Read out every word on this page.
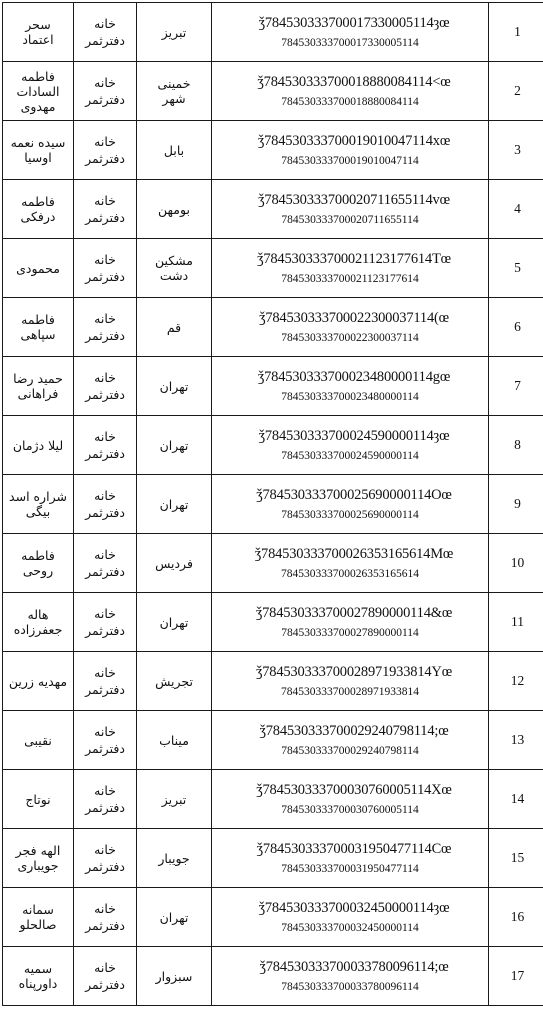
سحر
اعتماد	خانه
دفترثمر	تبریز	ǯ784530333700017330005114ȝœ
784530333700017330005114	1
فاطمه
السادات
مهدوی	خانه
دفترثمر	خمینی
شهر	ǯ784530333700018880084114<œ
784530333700018880084114	2
سیده نعمه
اوسیا	خانه
دفترثمر	بابل	ǯ784530333700019010047114xœ
784530333700019010047114	3
فاطمه
درفکی	خانه
دفترثمر	بومهن	ǯ784530333700020711655114vœ
784530333700020711655114	4
محمودی	خانه
دفترثمر	مشکین
دشت	ǯ784530333700021123177614Tœ
784530333700021123177614	5
فاطمه
سپاهی	خانه
دفترثمر	قم	ǯ784530333700022300037114(œ
784530333700022300037114	6
حمید رضا
فراهانی	خانه
دفترثمر	تهران	ǯ784530333700023480000114gœ
784530333700023480000114	7
لیلا دژمان	خانه
دفترثمر	تهران	ǯ784530333700024590000114ȝœ
784530333700024590000114	8
شراره اسد
بیگی	خانه
دفترثمر	تهران	ǯ784530333700025690000114Oœ
784530333700025690000114	9
فاطمه
روحی	خانه
دفترثمر	فردیس	ǯ784530333700026353165614Mœ
784530333700026353165614	10
هاله
جعفرزاده	خانه
دفترثمر	تهران	ǯ784530333700027890000114&œ
784530333700027890000114	11
مهدیه زرین	خانه
دفترثمر	تجریش	ǯ784530333700028971933814Yœ
784530333700028971933814	12
نقیبی	خانه
دفترثمر	میناب	ǯ784530333700029240798114;œ
784530333700029240798114	13
نوتاج	خانه
دفترثمر	تبریز	ǯ784530333700030760005114Xœ
784530333700030760005114	14
الهه فجر
جویباری	خانه
دفترثمر	جویبار	ǯ784530333700031950477114Cœ
784530333700031950477114	15
سمانه
صالحلو	خانه
دفترثمر	تهران	ǯ784530333700032450000114ȝœ
784530333700032450000114	16
سمیه
داورپناه	خانه
دفترثمر	سبزوار	ǯ784530333700033780096114;œ
784530333700033780096114	17
